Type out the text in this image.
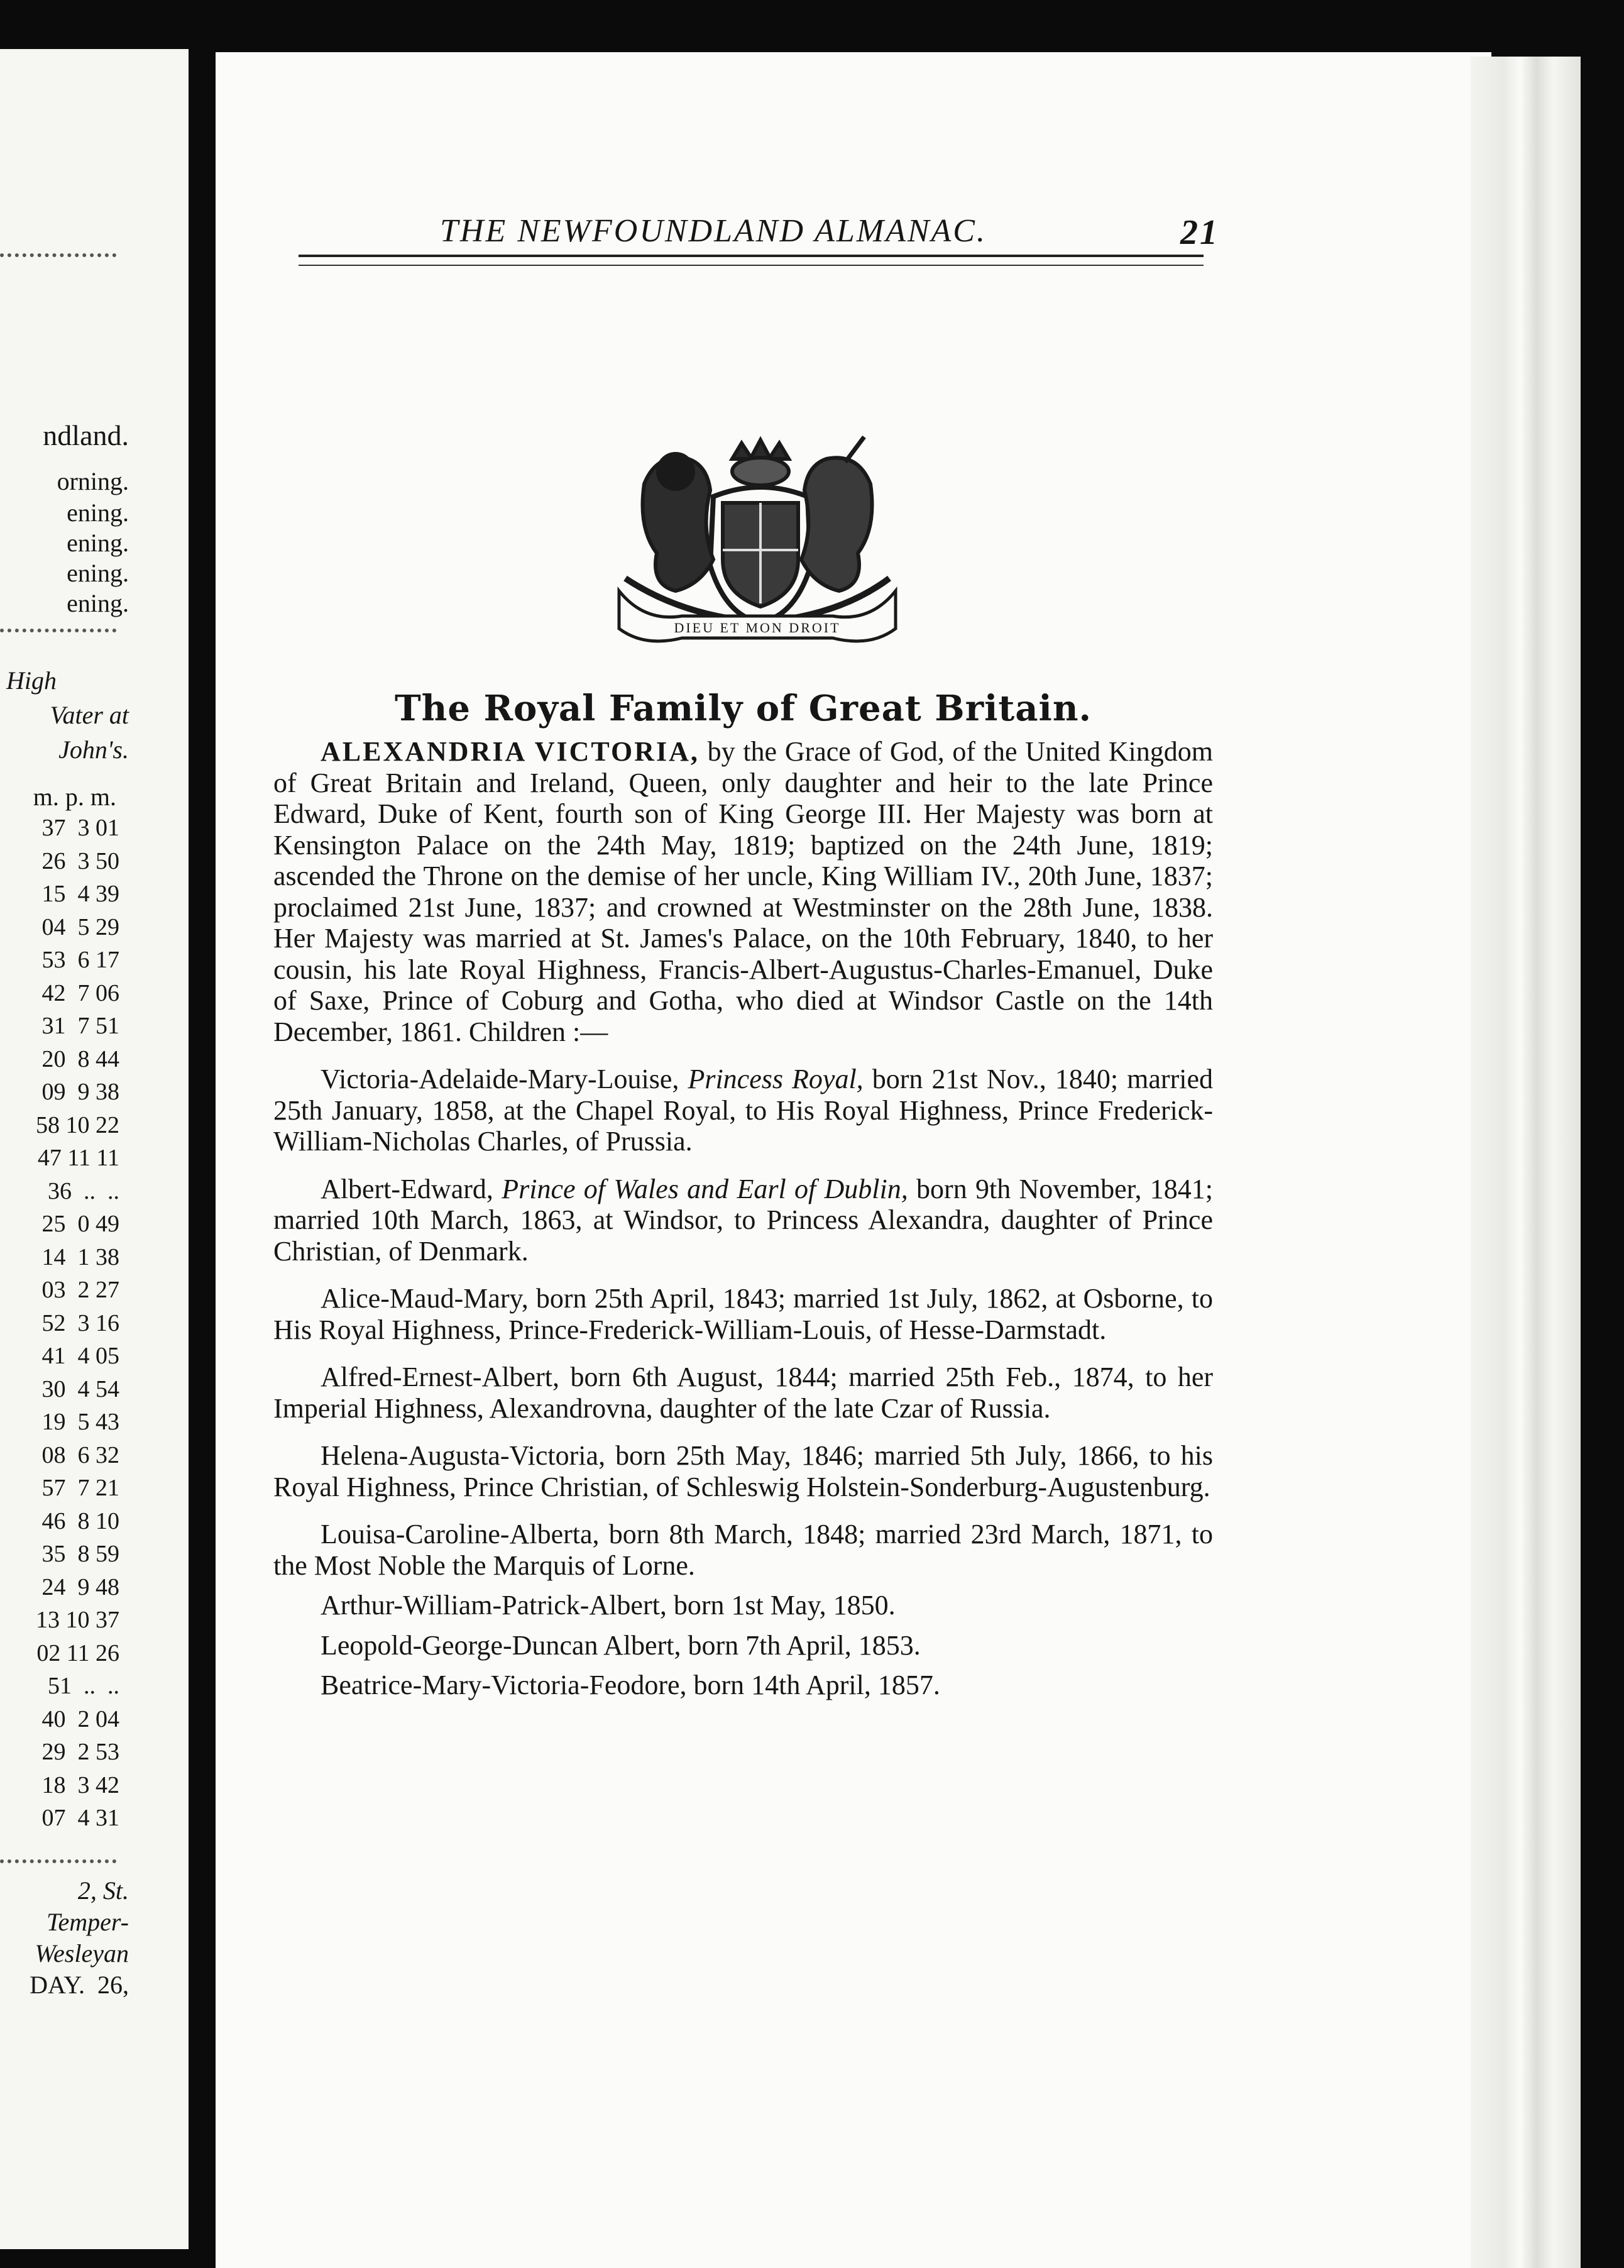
ndland.
orning.
ening.
ening.
ening.
ening.
High
Vater at
John's.
m. p. m.
37  3 01
26  3 50
15  4 39
04  5 29
53  6 17
42  7 06
31  7 51
20  8 44
09  9 38
58 10 22
47 11 11
36  ..  ..
25  0 49
14  1 38
03  2 27
52  3 16
41  4 05
30  4 54
19  5 43
08  6 32
57  7 21
46  8 10
35  8 59
24  9 48
13 10 37
02 11 26
51  ..  ..
40  2 04
29  2 53
18  3 42
07  4 31
2, St.
Temper-
Wesleyan
DAY.  26,
THE NEWFOUNDLAND ALMANAC.	21
DIEU ET MON DROIT
The Royal Family of Great Britain.

ALEXANDRIA VICTORIA, by the Grace of God, of the United Kingdom of Great Britain and Ireland, Queen, only daughter and heir to the late Prince Edward, Duke of Kent, fourth son of King George III. Her Majesty was born at Kensington Palace on the 24th May, 1819; baptized on the 24th June, 1819; ascended the Throne on the demise of her uncle, King William IV., 20th June, 1837; proclaimed 21st June, 1837; and crowned at Westminster on the 28th June, 1838. Her Majesty was married at St. James's Palace, on the 10th February, 1840, to her cousin, his late Royal Highness, Francis-Albert-Augustus-Charles-Emanuel, Duke of Saxe, Prince of Coburg and Gotha, who died at Windsor Castle on the 14th December, 1861. Children :—

Victoria-Adelaide-Mary-Louise, Princess Royal, born 21st Nov., 1840; married 25th January, 1858, at the Chapel Royal, to His Royal Highness, Prince Frederick-William-Nicholas Charles, of Prussia.

Albert-Edward, Prince of Wales and Earl of Dublin, born 9th November, 1841; married 10th March, 1863, at Windsor, to Princess Alexandra, daughter of Prince Christian, of Denmark.

Alice-Maud-Mary, born 25th April, 1843; married 1st July, 1862, at Osborne, to His Royal Highness, Prince-Frederick-William-Louis, of Hesse-Darmstadt.

Alfred-Ernest-Albert, born 6th August, 1844; married 25th Feb., 1874, to her Imperial Highness, Alexandrovna, daughter of the late Czar of Russia.

Helena-Augusta-Victoria, born 25th May, 1846; married 5th July, 1866, to his Royal Highness, Prince Christian, of Schleswig Holstein-Sonderburg-Augustenburg.

Louisa-Caroline-Alberta, born 8th March, 1848; married 23rd March, 1871, to the Most Noble the Marquis of Lorne.

Arthur-William-Patrick-Albert, born 1st May, 1850.

Leopold-George-Duncan Albert, born 7th April, 1853.

Beatrice-Mary-Victoria-Feodore, born 14th April, 1857.
